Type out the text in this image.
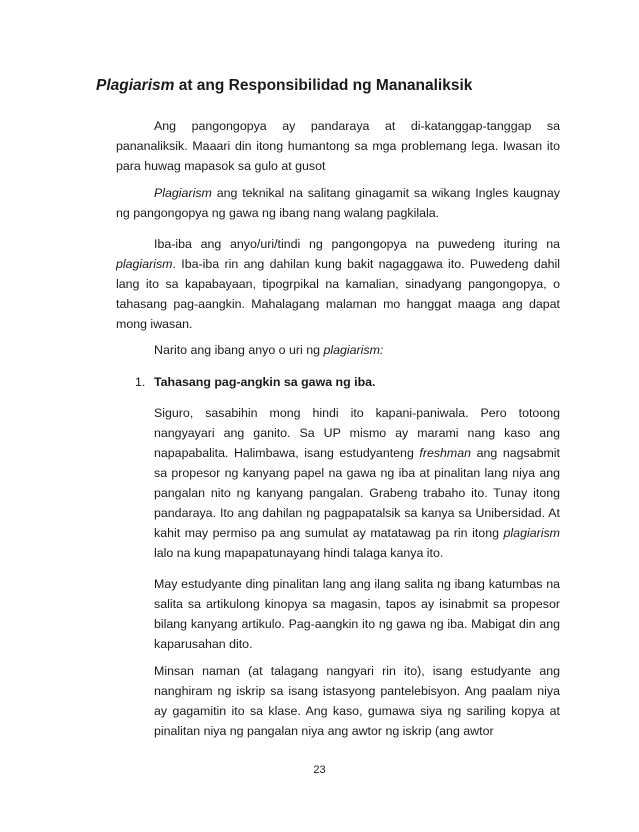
Plagiarism at ang Responsibilidad ng Mananaliksik

Ang pangongopya ay pandaraya at di-katanggap-tanggap sa pananaliksik. Maaari din itong humantong sa mga problemang lega. Iwasan ito para huwag mapasok sa gulo at gusot

Plagiarism ang teknikal na salitang ginagamit sa wikang Ingles kaugnay ng pangongopya ng gawa ng ibang nang walang pagkilala.

Iba-iba ang anyo/uri/tindi ng pangongopya na puwedeng ituring na plagiarism. Iba-iba rin ang dahilan kung bakit nagaggawa ito. Puwedeng dahil lang ito sa kapabayaan, tipogrpikal na kamalian, sinadyang pangongopya, o tahasang pag-aangkin. Mahalagang malaman mo hanggat maaga ang dapat mong iwasan.

Narito ang ibang anyo o uri ng plagiarism:

1. Tahasang pag-angkin sa gawa ng iba.

Siguro, sasabihin mong hindi ito kapani-paniwala. Pero totoong nangyayari ang ganito. Sa UP mismo ay marami nang kaso ang napapabalita. Halimbawa, isang estudyanteng freshman ang nagsabmit sa propesor ng kanyang papel na gawa ng iba at pinalitan lang niya ang pangalan nito ng kanyang pangalan. Grabeng trabaho ito. Tunay itong pandaraya. Ito ang dahilan ng pagpapatalsik sa kanya sa Unibersidad. At kahit may permiso pa ang sumulat ay matatawag pa rin itong plagiarism lalo na kung mapapatunayang hindi talaga kanya ito.

May estudyante ding pinalitan lang ang ilang salita ng ibang katumbas na salita sa artikulong kinopya sa magasin, tapos ay isinabmit sa propesor bilang kanyang artikulo. Pag-aangkin ito ng gawa ng iba. Mabigat din ang kaparusahan dito.

Minsan naman (at talagang nangyari rin ito), isang estudyante ang nanghiram ng iskrip sa isang istasyong pantelebisyon. Ang paalam niya ay gagamitin ito sa klase. Ang kaso, gumawa siya ng sariling kopya at pinalitan niya ng pangalan niya ang awtor ng iskrip (ang awtor

23
